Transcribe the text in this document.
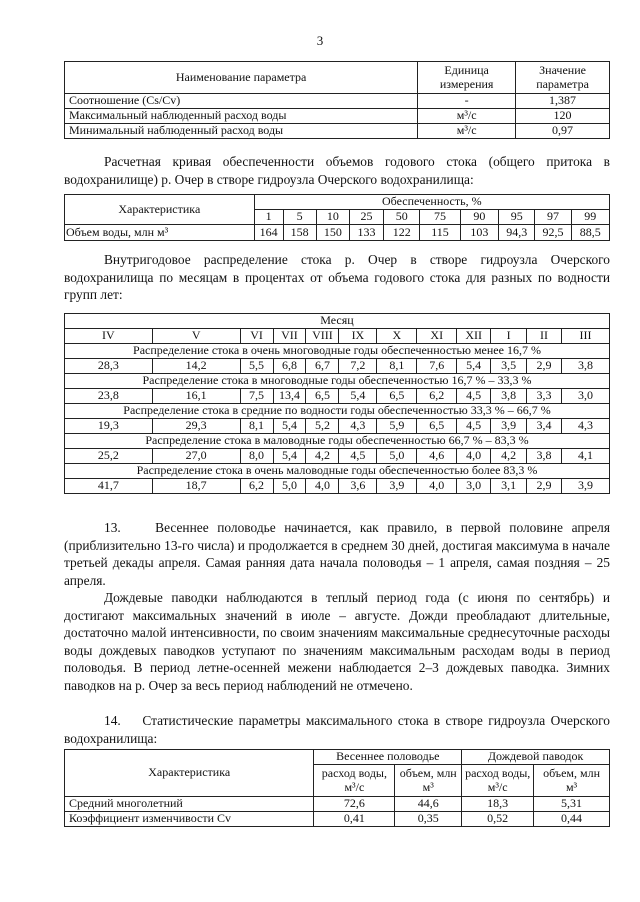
3
Наименование параметра	Единица измерения	Значение параметра
Соотношение (Cs/Cv)	-	1,387
Максимальный наблюденный расход воды	м³/с	120
Минимальный наблюденный расход воды	м³/с	0,97

Расчетная кривая обеспеченности объемов годового стока (общего притока в водохранилище) р. Очер в створе гидроузла Очерского водохранилища:

Характеристика	Обеспеченность, %									
	1	5	10	25	50	75	90	95	97	99
Объем воды, млн м³	164	158	150	133	122	115	103	94,3	92,5	88,5

Внутригодовое распределение стока р. Очер в створе гидроузла Очерского водохранилища по месяцам в процентах от объема годового стока для разных по водности групп лет:

Месяц											
IV	V	VI	VII	VIII	IX	X	XI	XII	I	II	III
Распределение стока в очень многоводные годы обеспеченностью менее 16,7 %											
28,3	14,2	5,5	6,8	6,7	7,2	8,1	7,6	5,4	3,5	2,9	3,8
Распределение стока в многоводные годы обеспеченностью 16,7 % – 33,3 %											
23,8	16,1	7,5	13,4	6,5	5,4	6,5	6,2	4,5	3,8	3,3	3,0
Распределение стока в средние по водности годы обеспеченностью 33,3 % – 66,7 %											
19,3	29,3	8,1	5,4	5,2	4,3	5,9	6,5	4,5	3,9	3,4	4,3
Распределение стока в маловодные годы обеспеченностью 66,7 % – 83,3 %											
25,2	27,0	8,0	5,4	4,2	4,5	5,0	4,6	4,0	4,2	3,8	4,1
Распределение стока в очень маловодные годы обеспеченностью более 83,3 %											
41,7	18,7	6,2	5,0	4,0	3,6	3,9	4,0	3,0	3,1	2,9	3,9

13.    Весеннее половодье начинается, как правило, в первой половине апреля (приблизительно 13-го числа) и продолжается в среднем 30 дней, достигая максимума в начале третьей декады апреля. Самая ранняя дата начала половодья – 1 апреля, самая поздняя – 25 апреля.

Дождевые паводки наблюдаются в теплый период года (с июня по сентябрь) и достигают максимальных значений в июле – августе. Дожди преобладают длительные, достаточно малой интенсивности, по своим значениям максимальные среднесуточные расходы воды дождевых паводков уступают по значениям максимальным расходам воды в период половодья. В период летне-осенней межени наблюдается 2–3 дождевых паводка. Зимних паводков на р. Очер за весь период наблюдений не отмечено.

14.    Статистические параметры максимального стока в створе гидроузла Очерского водохранилища:

Характеристика	Весеннее половодье		Дождевой паводок	
	расход воды, м³/с	объем, млн м³	расход воды, м³/с	объем, млн м³
Средний многолетний	72,6	44,6	18,3	5,31
Коэффициент изменчивости Cv	0,41	0,35	0,52	0,44
